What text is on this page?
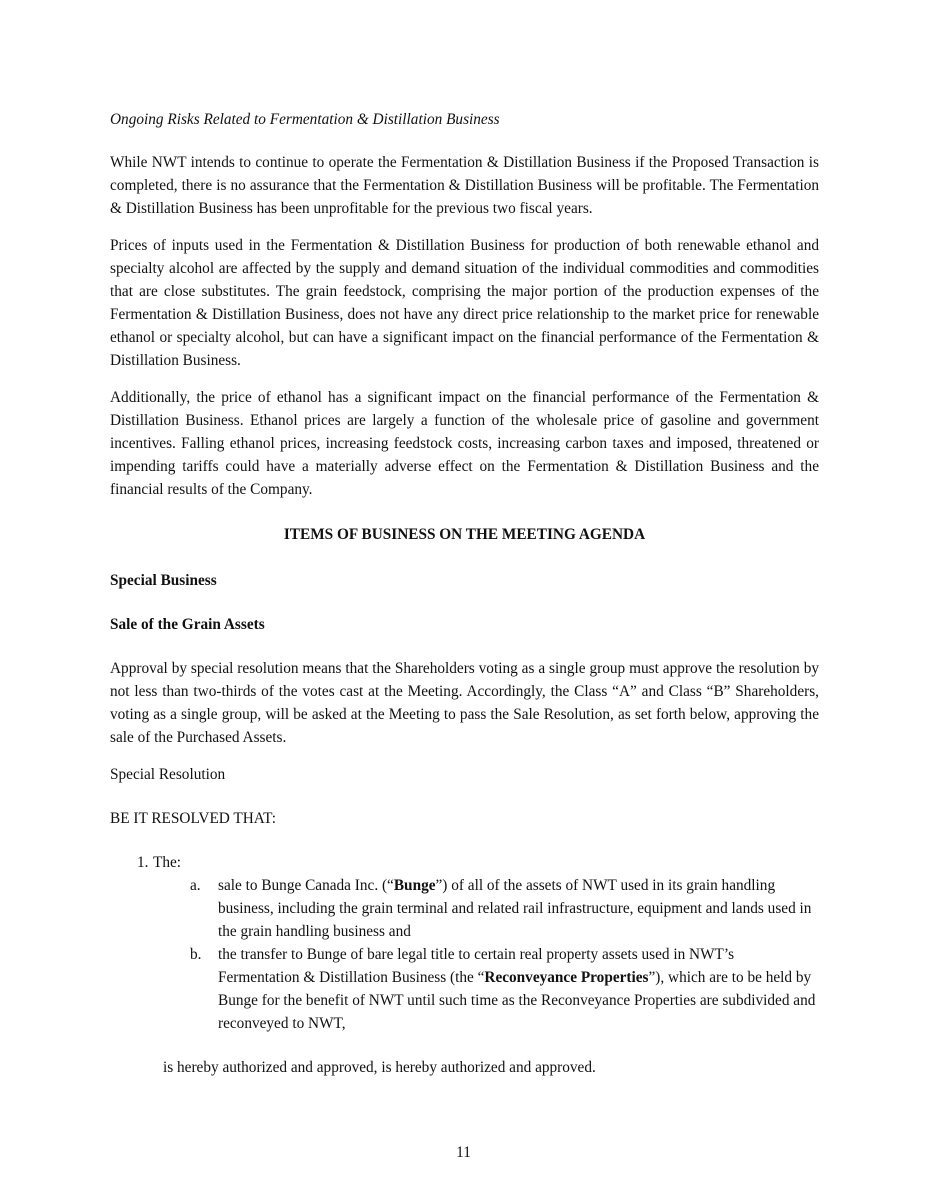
Ongoing Risks Related to Fermentation & Distillation Business

While NWT intends to continue to operate the Fermentation & Distillation Business if the Proposed Transaction is completed, there is no assurance that the Fermentation & Distillation Business will be profitable. The Fermentation & Distillation Business has been unprofitable for the previous two fiscal years.

Prices of inputs used in the Fermentation & Distillation Business for production of both renewable ethanol and specialty alcohol are affected by the supply and demand situation of the individual commodities and commodities that are close substitutes. The grain feedstock, comprising the major portion of the production expenses of the Fermentation & Distillation Business, does not have any direct price relationship to the market price for renewable ethanol or specialty alcohol, but can have a significant impact on the financial performance of the Fermentation & Distillation Business.

Additionally, the price of ethanol has a significant impact on the financial performance of the Fermentation & Distillation Business. Ethanol prices are largely a function of the wholesale price of gasoline and government incentives. Falling ethanol prices, increasing feedstock costs, increasing carbon taxes and imposed, threatened or impending tariffs could have a materially adverse effect on the Fermentation & Distillation Business and the financial results of the Company.

ITEMS OF BUSINESS ON THE MEETING AGENDA
Special Business
Sale of the Grain Assets

Approval by special resolution means that the Shareholders voting as a single group must approve the resolution by not less than two-thirds of the votes cast at the Meeting. Accordingly, the Class “A” and Class “B” Shareholders, voting as a single group, will be asked at the Meeting to pass the Sale Resolution, as set forth below, approving the sale of the Purchased Assets.

Special Resolution
BE IT RESOLVED THAT:
1. The:
a. sale to Bunge Canada Inc. (“Bunge”) of all of the assets of NWT used in its grain handling business, including the grain terminal and related rail infrastructure, equipment and lands used in the grain handling business and
b. the transfer to Bunge of bare legal title to certain real property assets used in NWT’s Fermentation & Distillation Business (the “Reconveyance Properties”), which are to be held by Bunge for the benefit of NWT until such time as the Reconveyance Properties are subdivided and reconveyed to NWT,
is hereby authorized and approved, is hereby authorized and approved.
11
